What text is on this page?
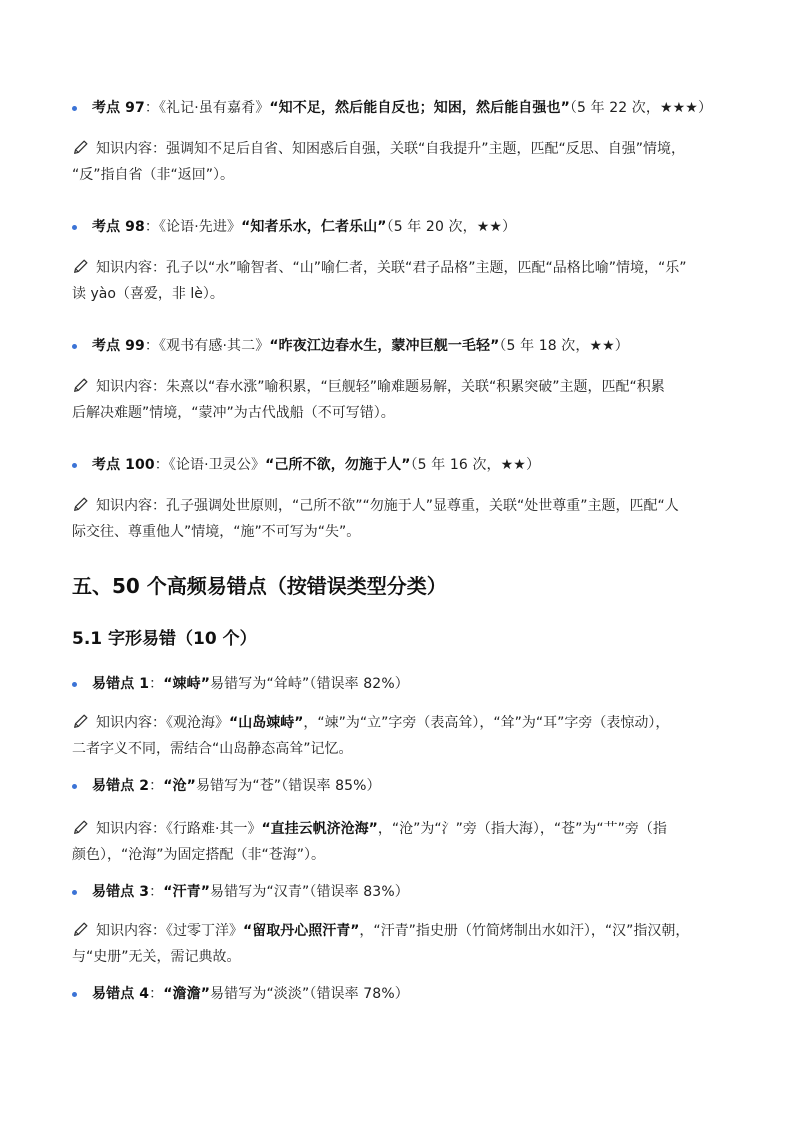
考点 97：《礼记·虽有嘉肴》“知不足，然后能自反也；知困，然后能自强也”（5 年 22 次，★★★）
知识内容：强调知不足后自省、知困惑后自强，关联“自我提升”主题，匹配“反思、自强”情境，
“反”指自省（非“返回”）。
考点 98：《论语·先进》“知者乐水，仁者乐山”（5 年 20 次，★★）
知识内容：孔子以“水”喻智者、“山”喻仁者，关联“君子品格”主题，匹配“品格比喻”情境，“乐”
读 yào（喜爱，非 lè）。
考点 99：《观书有感·其二》“昨夜江边春水生，蒙冲巨舰一毛轻”（5 年 18 次，★★）
知识内容：朱熹以“春水涨”喻积累，“巨舰轻”喻难题易解，关联“积累突破”主题，匹配“积累
后解决难题”情境，“蒙冲”为古代战船（不可写错）。
考点 100：《论语·卫灵公》“己所不欲，勿施于人”（5 年 16 次，★★）
知识内容：孔子强调处世原则，“己所不欲”“勿施于人”显尊重，关联“处世尊重”主题，匹配“人
际交往、尊重他人”情境，“施”不可写为“失”。
五、50 个高频易错点（按错误类型分类）
5.1 字形易错（10 个）
易错点 1：“竦峙”易错写为“耸峙”（错误率 82%）
知识内容：《观沧海》“山岛竦峙”，“竦”为“立”字旁（表高耸），“耸”为“耳”字旁（表惊动），
二者字义不同，需结合“山岛静态高耸”记忆。
易错点 2：“沧”易错写为“苍”（错误率 85%）
知识内容：《行路难·其一》“直挂云帆济沧海”，“沧”为“氵”旁（指大海），“苍”为“艹”旁（指
颜色），“沧海”为固定搭配（非“苍海”）。
易错点 3：“汗青”易错写为“汉青”（错误率 83%）
知识内容：《过零丁洋》“留取丹心照汗青”，“汗青”指史册（竹简烤制出水如汗），“汉”指汉朝，
与“史册”无关，需记典故。
易错点 4：“澹澹”易错写为“淡淡”（错误率 78%）
